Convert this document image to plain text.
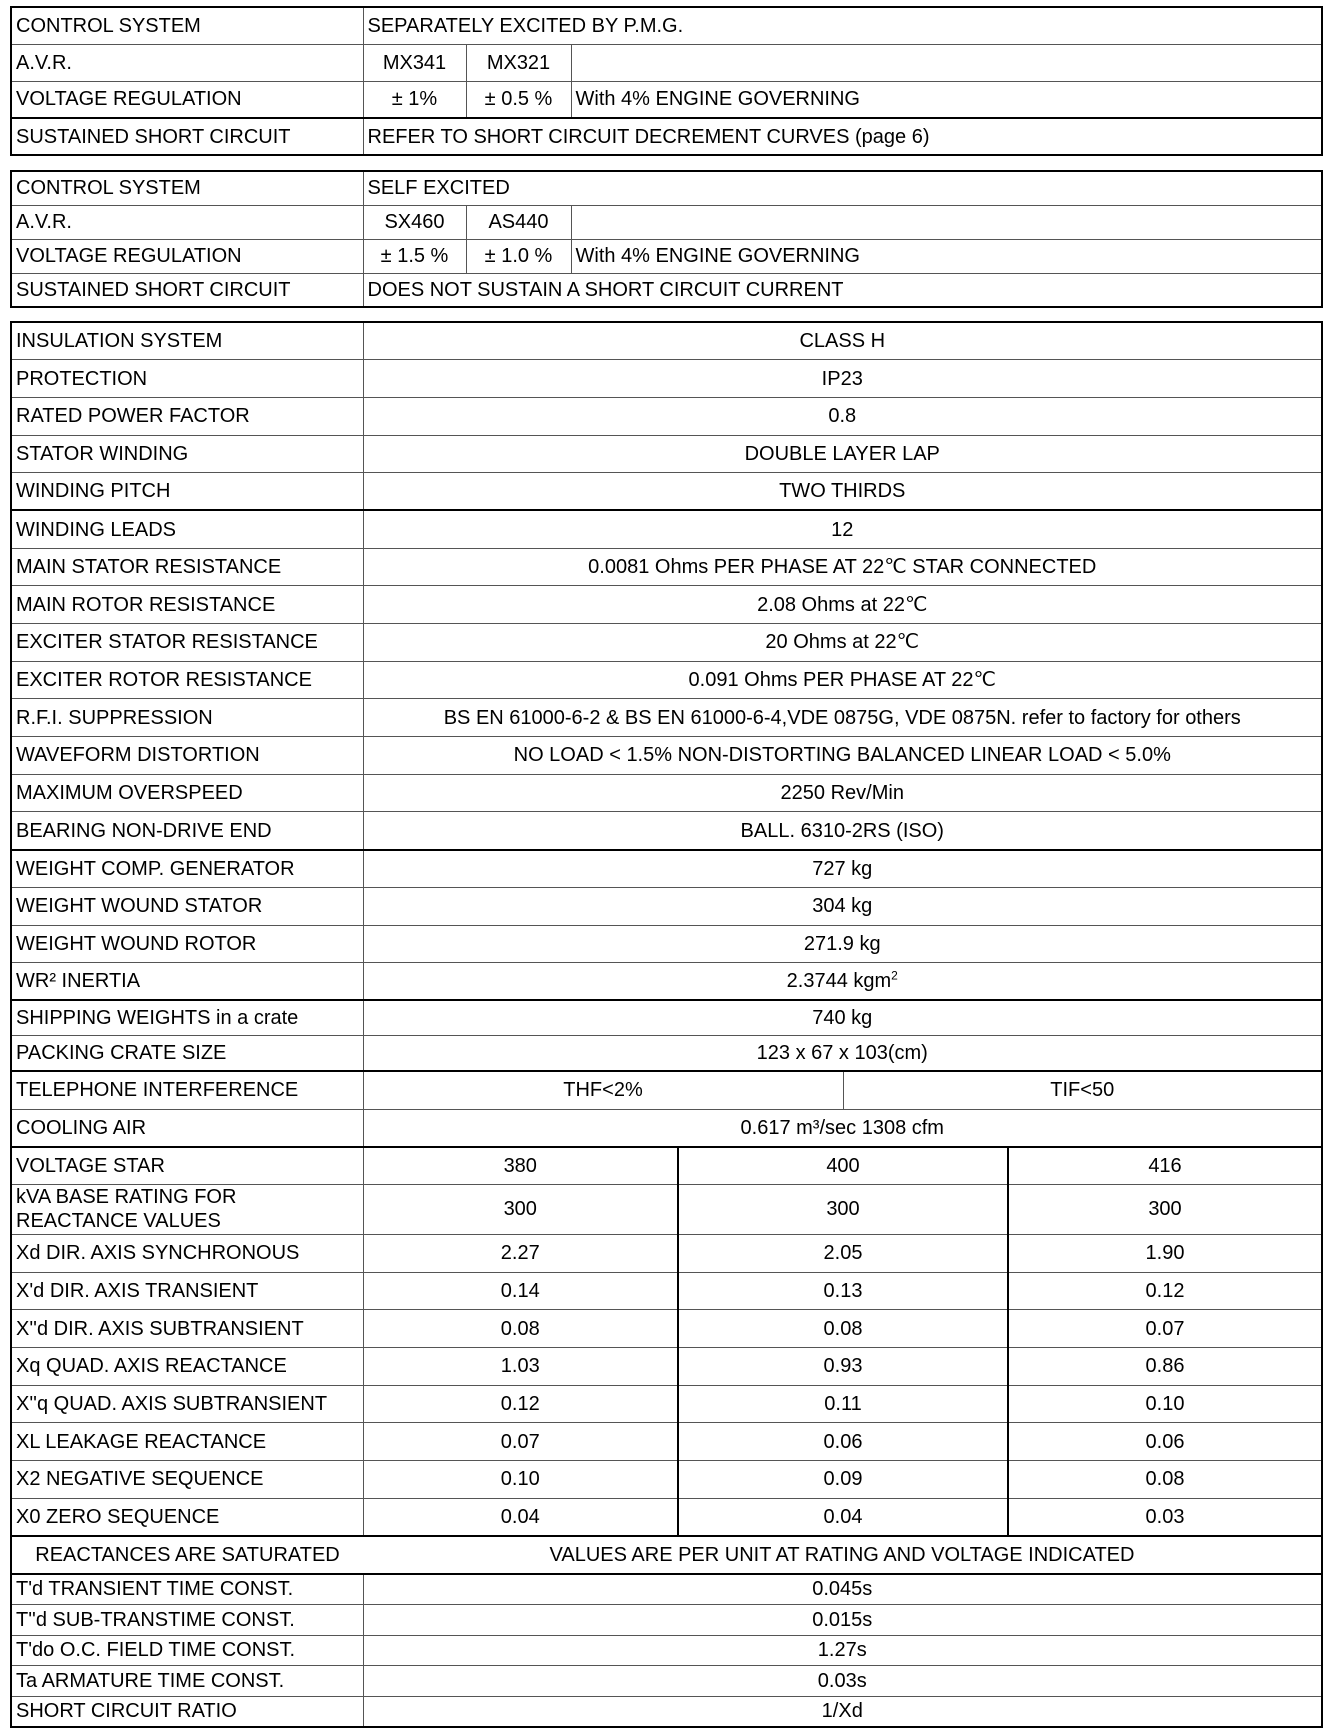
CONTROL SYSTEM	SEPARATELY EXCITED BY P.M.G.		
A.V.R.	MX341	MX321	
VOLTAGE REGULATION	± 1%	± 0.5 %	With 4% ENGINE GOVERNING
SUSTAINED SHORT CIRCUIT	REFER TO SHORT CIRCUIT DECREMENT CURVES (page 6)		
CONTROL SYSTEM	SELF EXCITED		
A.V.R.	SX460	AS440	
VOLTAGE REGULATION	± 1.5 %	± 1.0 %	With 4% ENGINE GOVERNING
SUSTAINED SHORT CIRCUIT	DOES NOT SUSTAIN A SHORT CIRCUIT CURRENT		
INSULATION SYSTEM	CLASS H			
PROTECTION	IP23			
RATED POWER FACTOR	0.8			
STATOR WINDING	DOUBLE LAYER LAP			
WINDING PITCH	TWO THIRDS			
WINDING LEADS	12			
MAIN STATOR RESISTANCE	0.0081 Ohms PER PHASE AT 22℃ STAR CONNECTED			
MAIN ROTOR RESISTANCE	2.08 Ohms at 22℃			
EXCITER STATOR RESISTANCE	20 Ohms at 22℃			
EXCITER ROTOR RESISTANCE	0.091 Ohms PER PHASE AT 22℃			
R.F.I. SUPPRESSION	BS EN 61000-6-2 & BS EN 61000-6-4,VDE 0875G, VDE 0875N. refer to factory for others			
WAVEFORM DISTORTION	NO LOAD < 1.5% NON-DISTORTING BALANCED LINEAR LOAD < 5.0%			
MAXIMUM OVERSPEED	2250 Rev/Min			
BEARING NON-DRIVE END	BALL. 6310-2RS (ISO)			
WEIGHT COMP. GENERATOR	727 kg			
WEIGHT WOUND STATOR	304 kg			
WEIGHT WOUND ROTOR	271.9 kg			
WR² INERTIA	2.3744 kgm$^2$
SHIPPING WEIGHTS in a crate	740 kg			
PACKING CRATE SIZE	123 x 67 x 103(cm)			
TELEPHONE INTERFERENCE	THF<2%		TIF<50	
COOLING AIR	0.617 m³/sec 1308 cfm			
VOLTAGE STAR	380	400		416
kVA BASE RATING FOR REACTANCE VALUES	300	300		300
Xd DIR. AXIS SYNCHRONOUS	2.27	2.05		1.90
X'd DIR. AXIS TRANSIENT	0.14	0.13		0.12
X''d DIR. AXIS SUBTRANSIENT	0.08	0.08		0.07
Xq QUAD. AXIS REACTANCE	1.03	0.93		0.86
X''q QUAD. AXIS SUBTRANSIENT	0.12	0.11		0.10
XL LEAKAGE REACTANCE	0.07	0.06		0.06
X2 NEGATIVE SEQUENCE	0.10	0.09		0.08
X0 ZERO SEQUENCE	0.04	0.04		0.03
REACTANCES ARE SATURATED	VALUES ARE PER UNIT AT RATING AND VOLTAGE INDICATED			
T'd TRANSIENT TIME CONST.	0.045s			
T''d SUB-TRANSTIME CONST.	0.015s			
T'do O.C. FIELD TIME CONST.	1.27s			
Ta ARMATURE TIME CONST.	0.03s			
SHORT CIRCUIT RATIO	1/Xd			
